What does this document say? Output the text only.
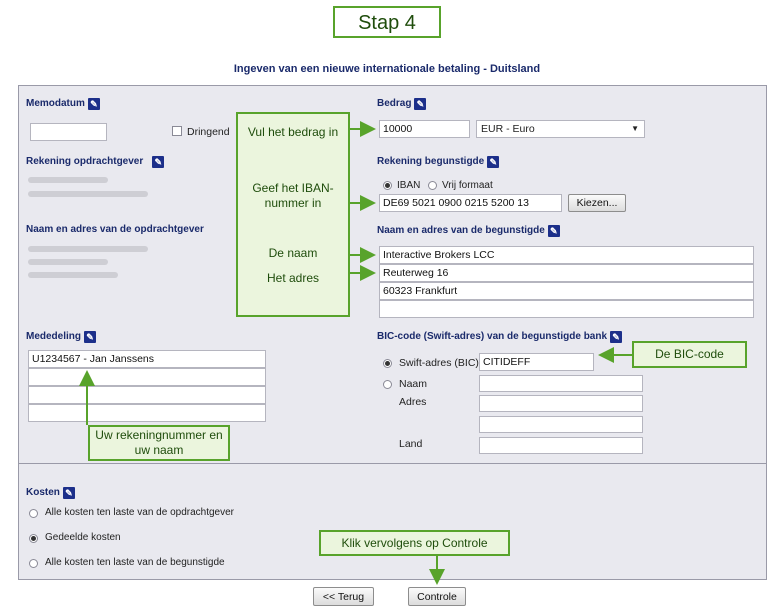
Stap 4
Ingeven van een nieuwe internationale betaling - Duitsland
Memodatum ✎
Dringend
Rekening opdrachtgever ✎
Naam en adres van de opdrachtgever
Mededeling ✎
U1234567 - Jan Janssens
Bedrag ✎
10000	EUR - Euro	▼
Rekening begunstigde ✎
IBAN Vrij formaat
DE69 5021 0900 0215 5200 13	Kiezen...
Naam en adres van de begunstigde ✎
Interactive Brokers LCC
Reuterweg 16
60323 Frankfurt
BIC-code (Swift-adres) van de begunstigde bank ✎
Swift-adres (BIC) CITIDEFF
Naam
Adres
Land
Kosten ✎
Alle kosten ten laste van de opdrachtgever
Gedeelde kosten
Alle kosten ten laste van de begunstigde
<< Terug	Controle
Vul het bedrag in
Geef het IBAN-nummer in
De naam
Het adres
De BIC-code
Uw rekeningnummer en uw naam
Klik vervolgens op Controle
